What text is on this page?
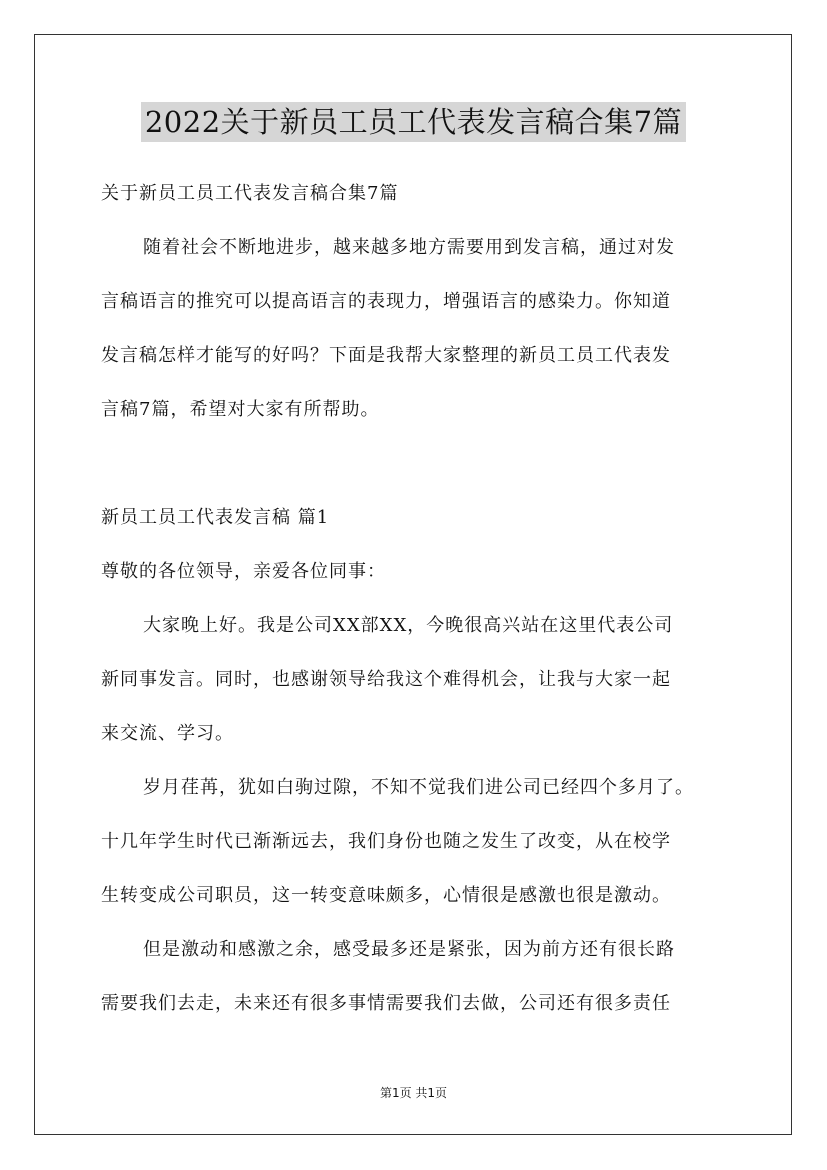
2022关于新员工员工代表发言稿合集7篇
关于新员工员工代表发言稿合集7篇
随着社会不断地进步，越来越多地方需要用到发言稿，通过对发
言稿语言的推究可以提高语言的表现力，增强语言的感染力。你知道
发言稿怎样才能写的好吗？下面是我帮大家整理的新员工员工代表发
言稿7篇，希望对大家有所帮助。
新员工员工代表发言稿 篇1
尊敬的各位领导，亲爱各位同事：
大家晚上好。我是公司XX部XX，今晚很高兴站在这里代表公司
新同事发言。同时，也感谢领导给我这个难得机会，让我与大家一起
来交流、学习。
岁月荏苒，犹如白驹过隙，不知不觉我们进公司已经四个多月了。
十几年学生时代已渐渐远去，我们身份也随之发生了改变，从在校学
生转变成公司职员，这一转变意味颇多，心情很是感激也很是激动。
但是激动和感激之余，感受最多还是紧张，因为前方还有很长路
需要我们去走，未来还有很多事情需要我们去做，公司还有很多责任
第1页 共1页
